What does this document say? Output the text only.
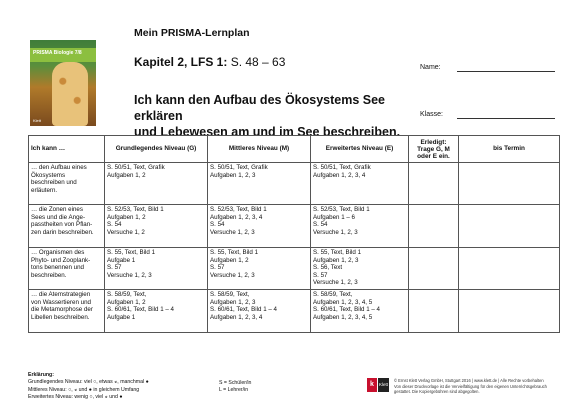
PRISMA Biologie 7/8
Klett
Mein PRISMA-Lernplan
Kapitel 2, LFS 1: S. 48 – 63
Ich kann den Aufbau des Ökosystems See erklären
und Lebewesen am und im See beschreiben.
Name:
Klasse:
Ich kann …	Grundlegendes Niveau (G)	Mittleres Niveau (M)	Erweitertes Niveau (E)	Erledigt:
Trage G, M
oder E ein.	bis Termin

… den Aufbau eines
Ökosystems
beschreiben und
erläutern.	S. 50/51, Text, Grafik
Aufgaben 1, 2	S. 50/51, Text, Grafik
Aufgaben 1, 2, 3	S. 50/51, Text, Grafik
Aufgaben 1, 2, 3, 4		

… die Zonen eines
Sees und die Ange-
passtheiten von Pflan-
zen darin beschreiben.	S. 52/53, Text, Bild 1
Aufgaben 1, 2
S. 54
Versuche 1, 2	S. 52/53, Text, Bild 1
Aufgaben 1, 2, 3, 4
S. 54
Versuche 1, 2, 3	S. 52/53, Text, Bild 1
Aufgaben 1 – 6
S. 54
Versuche 1, 2, 3		

… Organismen des
Phyto- und Zooplank-
tons benennen und
beschreiben.	S. 55, Text, Bild 1
Aufgabe 1
S. 57
Versuche 1, 2, 3	S. 55, Text, Bild 1
Aufgaben 1, 2
S. 57
Versuche 1, 2, 3	S. 55, Text, Bild 1
Aufgaben 1, 2, 3
S. 56, Text
S. 57
Versuche 1, 2, 3		

… die Atemstrategien
von Wassertieren und
die Metamorphose der
Libellen beschreiben.	S. 58/59, Text,
Aufgaben 1, 2
S. 60/61, Text, Bild 1 – 4
Aufgabe 1	S. 58/59, Text,
Aufgaben 1, 2, 3
S. 60/61, Text, Bild 1 – 4
Aufgaben 1, 2, 3, 4	S. 58/59, Text,
Aufgaben 1, 2, 3, 4, 5
S. 60/61, Text, Bild 1 – 4
Aufgaben 1, 2, 3, 4, 5		

Erklärung:
Grundlegendes Niveau: viel ○, etwas ◒, manchmal ●
Mittleres Niveau: ○, ◒ und ● in gleichem Umfang
Erweitertes Niveau: wenig ○, viel ◒ und ●
S = Schüler/in
L = Lehrer/in
k	Klett
© Ernst Klett Verlag GmbH, Stuttgart 2016 | www.klett.de | Alle Rechte vorbehalten
Von dieser Druckvorlage ist die Vervielfältigung für den eigenen Unterrichtsgebrauch
gestattet. Die Kopiergebühren sind abgegolten.
